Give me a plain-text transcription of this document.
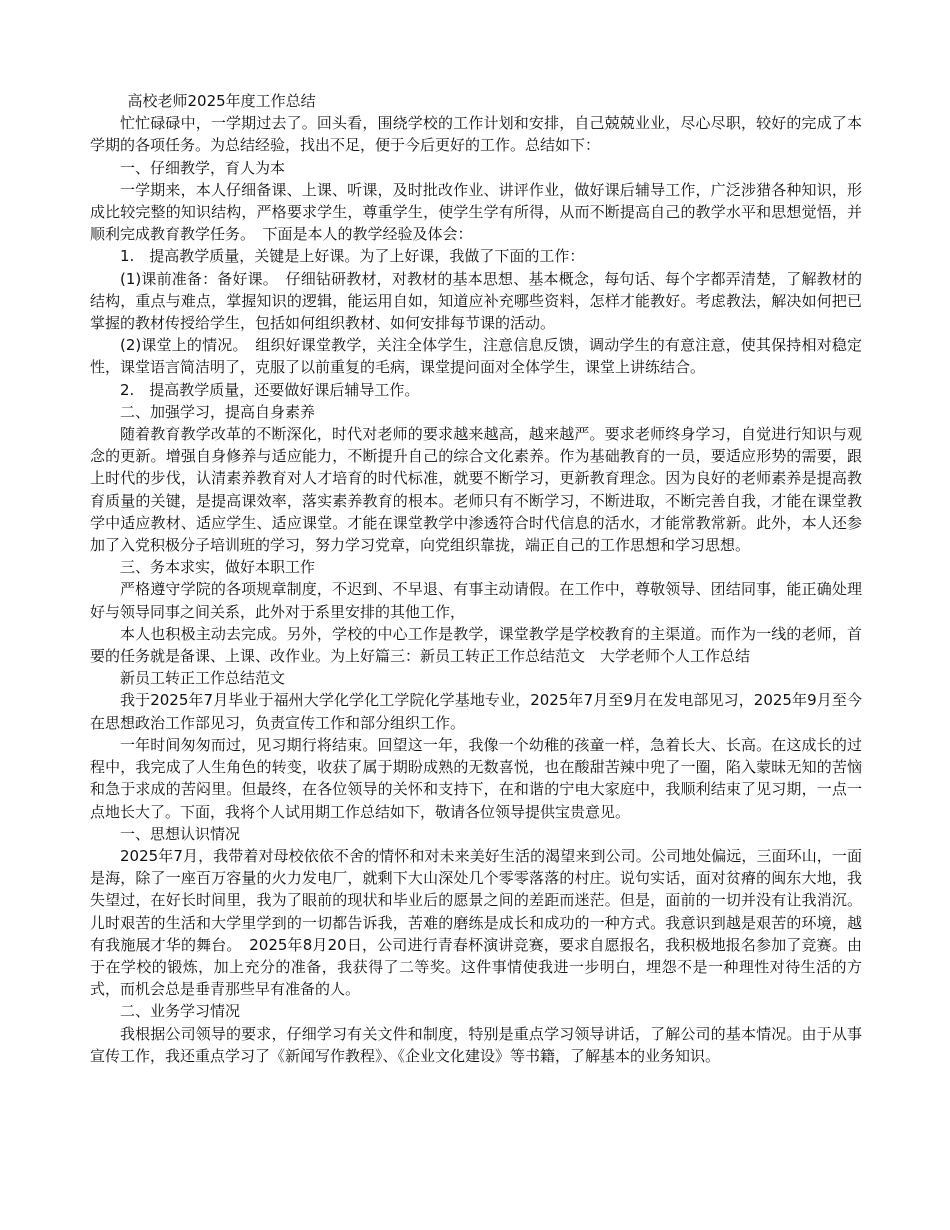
高校老师2025年度工作总结

忙忙碌碌中，一学期过去了。回头看，围绕学校的工作计划和安排，自己兢兢业业，尽心尽职，较好的完成了本学期的各项任务。为总结经验，找出不足，便于今后更好的工作。总结如下：

一、仔细教学，育人为本

一学期来，本人仔细备课、上课、听课，及时批改作业、讲评作业，做好课后辅导工作，广泛涉猎各种知识，形成比较完整的知识结构，严格要求学生，尊重学生，使学生学有所得，从而不断提高自己的教学水平和思想觉悟，并顺利完成教育教学任务。　下面是本人的教学经验及体会：

1.　提高教学质量，关键是上好课。为了上好课，我做了下面的工作：

(1)课前准备：备好课。　仔细钻研教材，对教材的基本思想、基本概念，每句话、每个字都弄清楚，了解教材的结构，重点与难点，掌握知识的逻辑，能运用自如，知道应补充哪些资料，怎样才能教好。考虑教法，解决如何把已掌握的教材传授给学生，包括如何组织教材、如何安排每节课的活动。

(2)课堂上的情况。　组织好课堂教学，关注全体学生，注意信息反馈，调动学生的有意注意，使其保持相对稳定性，课堂语言简洁明了，克服了以前重复的毛病，课堂提问面对全体学生，课堂上讲练结合。

2.　提高教学质量，还要做好课后辅导工作。

二、加强学习，提高自身素养

随着教育教学改革的不断深化，时代对老师的要求越来越高，越来越严。要求老师终身学习，自觉进行知识与观念的更新。增强自身修养与适应能力，不断提升自己的综合文化素养。作为基础教育的一员，要适应形势的需要，跟上时代的步伐，认清素养教育对人才培育的时代标准，就要不断学习，更新教育理念。因为良好的老师素养是提高教育质量的关键，是提高课效率，落实素养教育的根本。老师只有不断学习，不断进取，不断完善自我，才能在课堂教学中适应教材、适应学生、适应课堂。才能在课堂教学中渗透符合时代信息的活水，才能常教常新。此外，本人还参加了入党积极分子培训班的学习，努力学习党章，向党组织靠拢，端正自己的工作思想和学习思想。

三、务本求实，做好本职工作

严格遵守学院的各项规章制度，不迟到、不早退、有事主动请假。在工作中，尊敬领导、团结同事，能正确处理好与领导同事之间关系，此外对于系里安排的其他工作，

本人也积极主动去完成。另外，学校的中心工作是教学，课堂教学是学校教育的主渠道。而作为一线的老师，首要的任务就是备课、上课、改作业。为上好篇三：新员工转正工作总结范文　大学老师个人工作总结

新员工转正工作总结范文

我于2025年7月毕业于福州大学化学化工学院化学基地专业，2025年7月至9月在发电部见习，2025年9月至今在思想政治工作部见习，负责宣传工作和部分组织工作。

一年时间匆匆而过，见习期行将结束。回望这一年，我像一个幼稚的孩童一样，急着长大、长高。在这成长的过程中，我完成了人生角色的转变，收获了属于期盼成熟的无数喜悦，也在酸甜苦辣中兜了一圈，陷入蒙昧无知的苦恼和急于求成的苦闷里。但最终，在各位领导的关怀和支持下，在和谐的宁电大家庭中，我顺利结束了见习期，一点一点地长大了。下面，我将个人试用期工作总结如下，敬请各位领导提供宝贵意见。

一、思想认识情况

2025年7月，我带着对母校依依不舍的情怀和对未来美好生活的渴望来到公司。公司地处偏远，三面环山，一面是海，除了一座百万容量的火力发电厂，就剩下大山深处几个零零落落的村庄。说句实话，面对贫瘠的闽东大地，我失望过，在好长时间里，我为了眼前的现状和毕业后的愿景之间的差距而迷茫。但是，面前的一切并没有让我消沉。儿时艰苦的生活和大学里学到的一切都告诉我，苦难的磨练是成长和成功的一种方式。我意识到越是艰苦的环境，越有我施展才华的舞台。　2025年8月20日，公司进行青春杯演讲竞赛，要求自愿报名，我积极地报名参加了竞赛。由于在学校的锻炼，加上充分的准备，我获得了二等奖。这件事情使我进一步明白，埋怨不是一种理性对待生活的方式，而机会总是垂青那些早有准备的人。

二、业务学习情况

我根据公司领导的要求，仔细学习有关文件和制度，特别是重点学习领导讲话，了解公司的基本情况。由于从事宣传工作，我还重点学习了《新闻写作教程》、《企业文化建设》等书籍，了解基本的业务知识。
